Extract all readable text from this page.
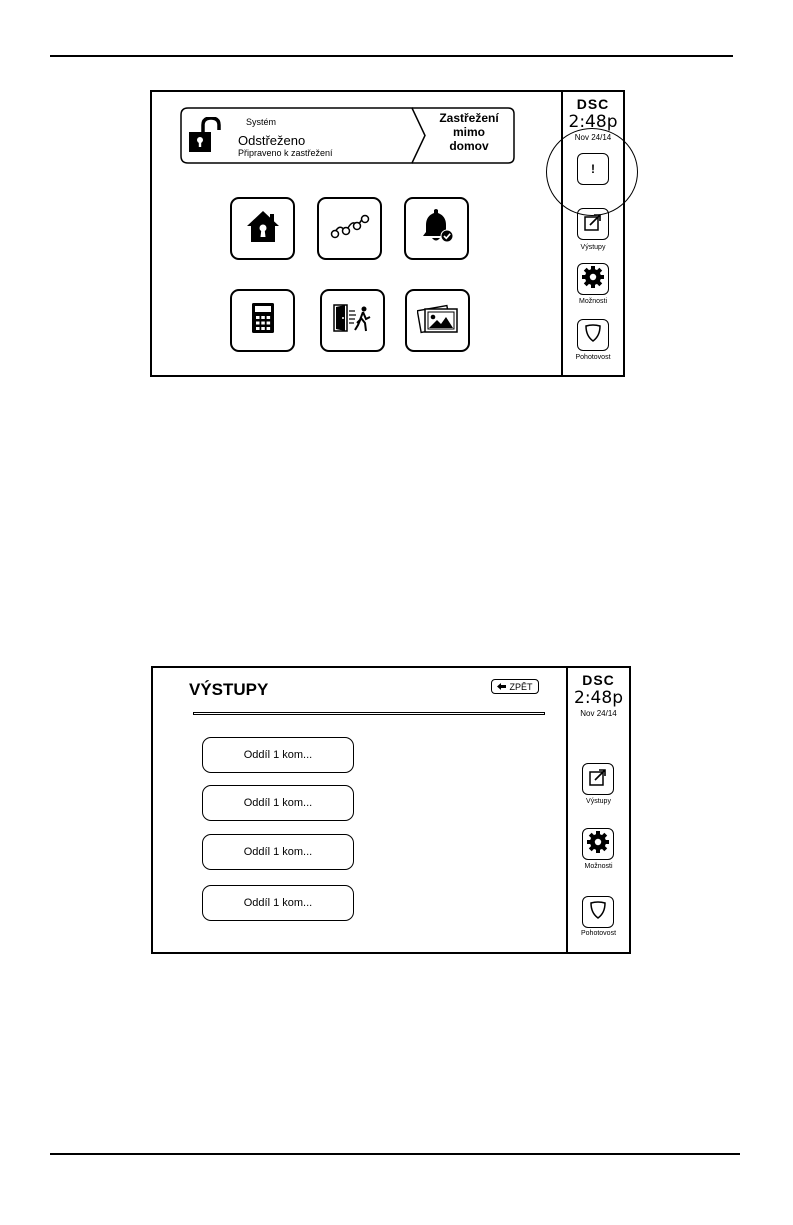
Systém
Odstřeženo
Připraveno k zastřežení
Zastřežení
mimo
domov
DSC
2:48p
Nov 24/14
!
Výstupy
Možnosti
Pohotovost
VÝSTUPY	ZPĚT
Oddíl 1 kom...
Oddíl 1 kom...
Oddíl 1 kom...
Oddíl 1 kom...
DSC
2:48p
Nov 24/14
Výstupy
Možnosti
Pohotovost
